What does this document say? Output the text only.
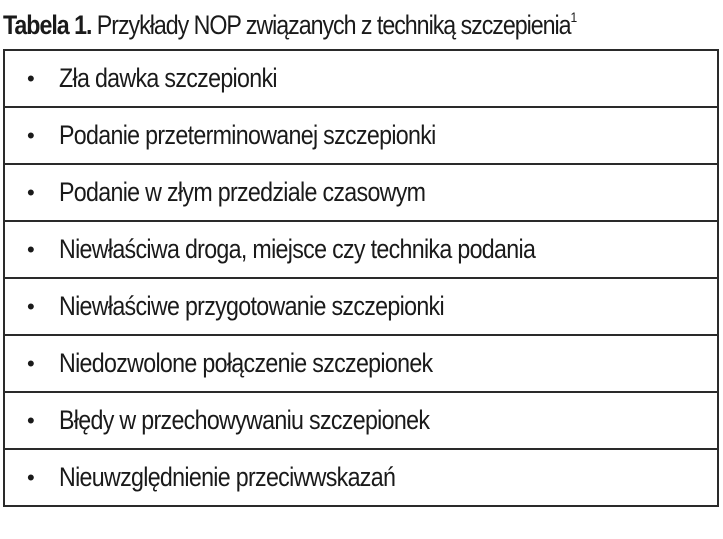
Tabela 1. Przykłady NOP związanych z techniką szczepienia$^1$
• Zła dawka szczepionki

• Podanie przeterminowanej szczepionki

• Podanie w złym przedziale czasowym

• Niewłaściwa droga, miejsce czy technika podania

• Niewłaściwe przygotowanie szczepionki

• Niedozwolone połączenie szczepionek

• Błędy w przechowywaniu szczepionek

• Nieuwzględnienie przeciwwskazań
